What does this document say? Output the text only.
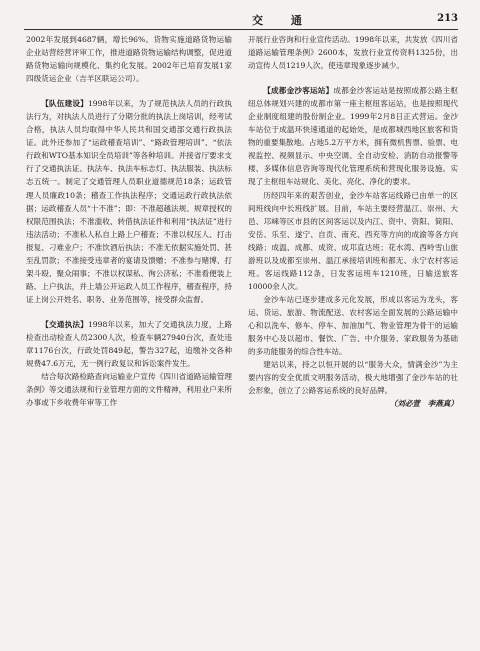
交 通	213

2002年发展到4687辆，增长96%。货物实施道路货物运输企业站营经营评审工作，推进道路货物运输结构调整，促进道路货物运输向规模化、集约化发展。2002年已培育发展1家四级货运企业（吉羊区联运公司）。

【队伍建设】1998年以来，为了规范执法人员的行政执法行为，对执法人员进行了分期分批的执法上岗培训，经考试合格，执法人员均取得中华人民共和国交通部交通行政执法证。此外还参加了“运政稽查培训”、“路政管理培训”、“依法行政和WTO基本知识全员培训”等各种培训。并接省厅要求支行了交通执法证、执法车、执法车标志灯、执法服装、执法标志五统一。制定了交通管理人员职业道德规范18条；运政管理人员廉政10条；稽查工作执法程序；交通运政行政执法依据；运政稽查人员“十不准”；即：不准超越法规、规章授权的权限范围执法；不准滥收、转借执法证件和利用“执法证”进行违法活动；不准私人私自上路上户稽查；不准以权压人、打击报复、刁难业户；不准饮酒后执法；不准无依据实施处罚、甚至乱罚款；不准接受违章者的宴请及馈赠；不准参与赌博、打架斗殴、聚众闹事；不准以权谋私、徇公济私；不准看便装上路、上户执法，并上墙公开运政人员工作程序，稽查程序，持证上岗公开姓名、职务、业务范围等，接受群众监督。

【交通执法】1998年以来，加大了交通执法力度，上路检查出动检查人员2300人次，检查车辆27940台次，查处违章1176台次，行政处罚849起，警告327起，追缴补交各种规费47.6万元，无一例行政复议和诉讼案件发生。

结合每次路检路查向运输业户宣传《四川省道路运输管理条例》等交通法规和行业管理方面的文件精神，利用业户来所办事或下乡收费年审等工作

开展行业咨询和行业宣传活动。1998年以来，共发放《四川省道路运输管理条例》2600本，发放行业宣传资料1325份，出动宣传人员1219人次。使违章现象逐步减少。

【成都金沙客运站】成都金沙客运站是按照成都公路主枢纽总体规划兴建的成都市第一座主枢纽客运站，也是按照现代企业制度组建的股份制企业。1999年2月8日正式营运。金沙车站位于成温环快速通道的起始处，是成都城西地区旅客和货物的重要集散地。占地5.2万平方米，拥有微机售票、验票、电视监控、视频显示、中央空调、全自动安检、消防自动报警等楼、多媒体信息咨询等现代化管理系统和营现化服务设施。实现了主枢纽车站规化、美化、亮化、净化的要求。

历经四年来的艰苦创业，金沙车站客运线路已由单一的区间班线向中长班线扩展。目前，车站主要经营温江、崇州、大邑、邛崃等区市县的区间客运以及内江、资中、资阳、简阳、安岳、乐至、遂宁、自贡、南充、西充等方向的成渝等各方向线路；成温、成都、成资、成邛直达班；花水湾、西岭雪山旅游班以及成都至崇州、温江承接培训班和都无、永宁农村客运班。客运线路112条，日发客运班车1210班，日输送旅客10000余人次。

金沙车站已逐步建成多元化发展，形成以客运为龙头，客运、货运、旅游、物流配送、农村客运全面发展的公路运输中心和以洗车、修车、停车、加油加气、物业管理为骨干的运输服务中心及以超市、餐饮、广告、中介服务、家政服务为基础的多功能服务的综合性车站。

建站以来，持之以恒开展的以“服务大众，情满金沙”为主要内容的安全优质文明服务活动，极大地增强了金沙车站的社会形象，创立了公路客运系统的良好品牌。

（刘必萱　李燕真）
